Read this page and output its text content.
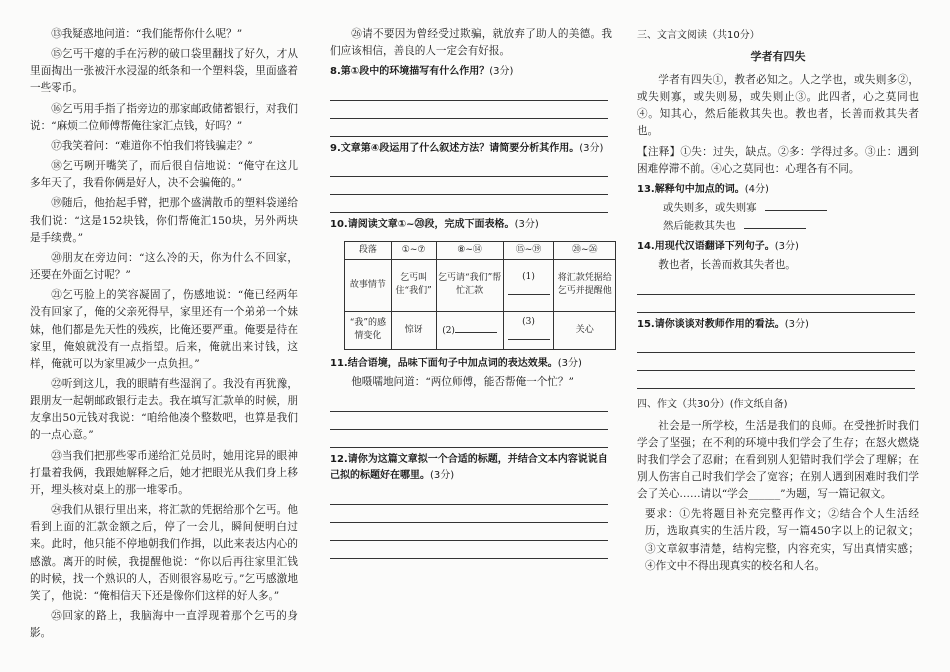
⑬我疑惑地问道：“我们能帮你什么呢？”

⑮乞丐干瘪的手在污秽的破口袋里翻找了好久，才从里面掏出一张被汗水浸湿的纸条和一个塑料袋，里面盛着一些零币。

⑯乞丐用手指了指旁边的那家邮政储蓄银行，对我们说：“麻烦二位师傅帮俺往家汇点钱，好吗？”

⑰我笑着问：“难道你不怕我们将钱骗走？”

⑱乞丐咧开嘴笑了，而后很自信地说：“俺守在这儿多年天了，我看你俩是好人，决不会骗俺的。”

⑲随后，他抬起手臂，把那个盛满散币的塑料袋递给我们说：“这是152块钱，你们帮俺汇150块，另外两块是手续费。”

⑳朋友在旁边问：“这么冷的天，你为什么不回家，还要在外面乞讨呢？”

㉑乞丐脸上的笑容凝固了，伤感地说：“俺已经两年没有回家了，俺的父亲死得早，家里还有一个弟弟一个妹妹，他们都是先天性的残疾，比俺还要严重。俺要是待在家里，俺娘就没有一点指望。后来，俺就出来讨钱，这样，俺就可以为家里减少一点负担。”

㉒听到这儿，我的眼睛有些湿润了。我没有再犹豫，跟朋友一起朝邮政银行走去。我在填写汇款单的时候，朋友拿出50元钱对我说：“咱给他凑个整数吧，也算是我们的一点心意。”

㉓当我们把那些零币递给汇兑员时，她用诧异的眼神打量着我俩，我跟她解释之后，她才把眼光从我们身上移开，埋头核对桌上的那一堆零币。

㉔我们从银行里出来，将汇款的凭据给那个乞丐。他看到上面的汇款金额之后，停了一会儿，瞬间便明白过来。此时，他只能不停地朝我们作揖，以此来表达内心的感激。离开的时候，我提醒他说：“你以后再往家里汇钱的时候，找一个熟识的人，否则很容易吃亏。”乞丐感激地笑了，他说：“俺相信天下还是像你们这样的好人多。”

㉕回家的路上，我脑海中一直浮现着那个乞丐的身影。

㉖请不要因为曾经受过欺骗，就放弃了助人的美德。我们应该相信，善良的人一定会有好报。

8.第①段中的环境描写有什么作用？(3分)
9.文章第④段运用了什么叙述方法？请简要分析其作用。(3分)
10.请阅读文章①~⑳段，完成下面表格。(3分)
段落	①~⑦	⑧~⑭	⑮~⑲	⑳~㉖
故事情节	乞丐叫住“我们”	乞丐请“我们”帮忙汇款	(1)	将汇款凭据给乞丐并提醒他
“我”的感情变化	惊讶	(2)	(3)	关心
11.结合语境，品味下面句子中加点词的表达效果。(3分)

他嗫嚅地问道：“两位师傅，能否帮俺一个忙？”

12.请你为这篇文章拟一个合适的标题，并结合文本内容说说自己拟的标题好在哪里。(3分)
三、文言文阅读（共10分）
学者有四失

学者有四失①，教者必知之。人之学也，或失则多②，或失则寡，或失则易，或失则止③。此四者，心之莫同也④。知其心，然后能救其失也。教也者，长善而救其失者也。

【注释】①失：过失，缺点。②多：学得过多。③止：遇到困难停滞不前。④心之莫同也：心理各有不同。

13.解释句中加点的词。(4分)
或失则多，或失则寡
然后能救其失也
14.用现代汉语翻译下列句子。(3分)

教也者，长善而救其失者也。

15.请你谈谈对教师作用的看法。(3分)
四、作文（共30分）(作文纸自备)

社会是一所学校，生活是我们的良师。在受挫折时我们学会了坚强；在不利的环境中我们学会了生存；在怒火燃烧时我们学会了忍耐；在看到别人犯错时我们学会了理解；在別人伤害自己时我们学会了宽容；在别人遇到困难时我们学会了关心……请以“学会______”为题，写一篇记叙文。

要求：①先将题目补充完整再作文；②结合个人生活经历，选取真实的生活片段，写一篇450字以上的记叙文；③文章叙事清楚，结构完整，内容充实，写出真情实感；④作文中不得出现真实的校名和人名。
